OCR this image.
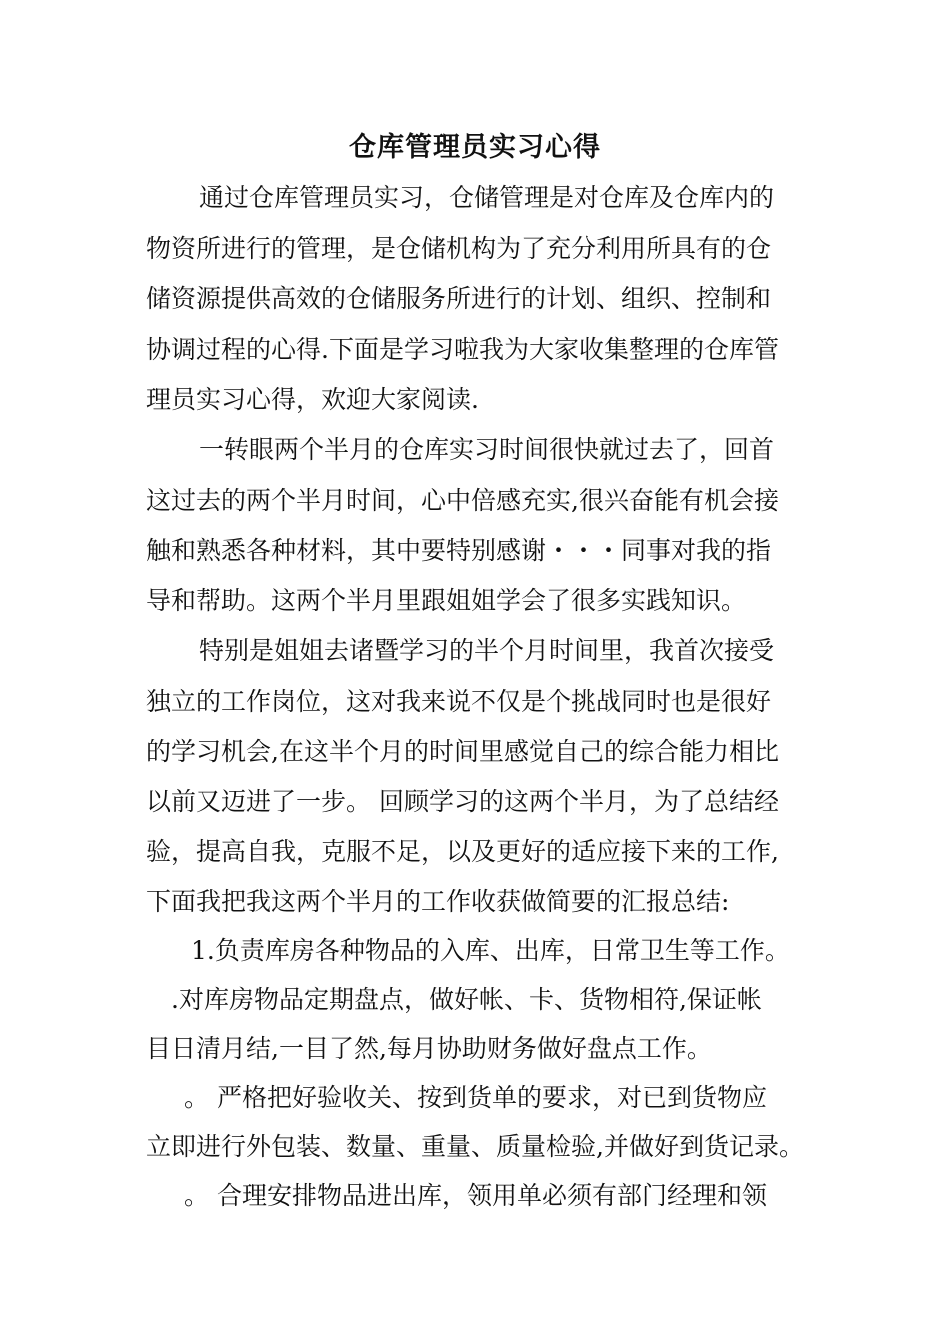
仓库管理员实习心得
通过仓库管理员实习，仓储管理是对仓库及仓库内的
物资所进行的管理，是仓储机构为了充分利用所具有的仓
储资源提供高效的仓储服务所进行的计划、组织、控制和
协调过程的心得.下面是学习啦我为大家收集整理的仓库管
理员实习心得，欢迎大家阅读.
一转眼两个半月的仓库实习时间很快就过去了，回首
这过去的两个半月时间，心中倍感充实,很兴奋能有机会接
触和熟悉各种材料，其中要特别感谢・・・同事对我的指
导和帮助。这两个半月里跟姐姐学会了很多实践知识。
特别是姐姐去诸暨学习的半个月时间里，我首次接受
独立的工作岗位，这对我来说不仅是个挑战同时也是很好
的学习机会,在这半个月的时间里感觉自己的综合能力相比
以前又迈进了一步。 回顾学习的这两个半月，为了总结经
验，提高自我，克服不足，以及更好的适应接下来的工作,
下面我把我这两个半月的工作收获做简要的汇报总结:
1.负责库房各种物品的入库、出库，日常卫生等工作。
.对库房物品定期盘点，做好帐、卡、货物相符,保证帐
目日清月结,一目了然,每月协助财务做好盘点工作。
。 严格把好验收关、按到货单的要求，对已到货物应
立即进行外包装、数量、重量、质量检验,并做好到货记录。
。 合理安排物品进出库，领用单必须有部门经理和领
